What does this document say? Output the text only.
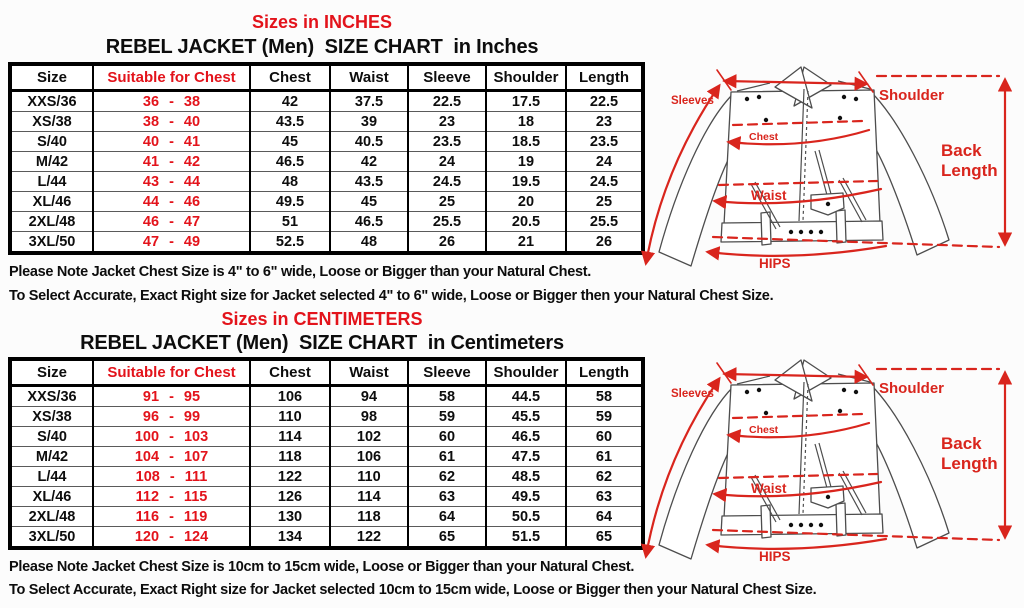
Sizes in INCHES
REBEL JACKET (Men)  SIZE CHART  in Inches
Size	Suitable for Chest	Chest	Waist	Sleeve	Shoulder	Length
XXS/36	36 - 38	42	37.5	22.5	17.5	22.5
XS/38	38 - 40	43.5	39	23	18	23
S/40	40 - 41	45	40.5	23.5	18.5	23.5
M/42	41 - 42	46.5	42	24	19	24
L/44	43 - 44	48	43.5	24.5	19.5	24.5
XL/46	44 - 46	49.5	45	25	20	25
2XL/48	46 - 47	51	46.5	25.5	20.5	25.5
3XL/50	47 - 49	52.5	48	26	21	26
Please Note Jacket Chest Size is 4" to 6" wide, Loose or Bigger than your Natural Chest.
To Select Accurate, Exact Right size for Jacket selected 4" to 6" wide, Loose or Bigger then your Natural Chest Size.
Sizes in CENTIMETERS
REBEL JACKET (Men)  SIZE CHART  in Centimeters
Size	Suitable for Chest	Chest	Waist	Sleeve	Shoulder	Length
XXS/36	91 - 95	106	94	58	44.5	58
XS/38	96 - 99	110	98	59	45.5	59
S/40	100 - 103	114	102	60	46.5	60
M/42	104 - 107	118	106	61	47.5	61
L/44	108 - 111	122	110	62	48.5	62
XL/46	112 - 115	126	114	63	49.5	63
2XL/48	116 - 119	130	118	64	50.5	64
3XL/50	120 - 124	134	122	65	51.5	65
Please Note Jacket Chest Size is 10cm to 15cm wide, Loose or Bigger than your Natural Chest.
To Select Accurate, Exact Right size for Jacket selected 10cm to 15cm wide, Loose or Bigger then your Natural Chest Size.
